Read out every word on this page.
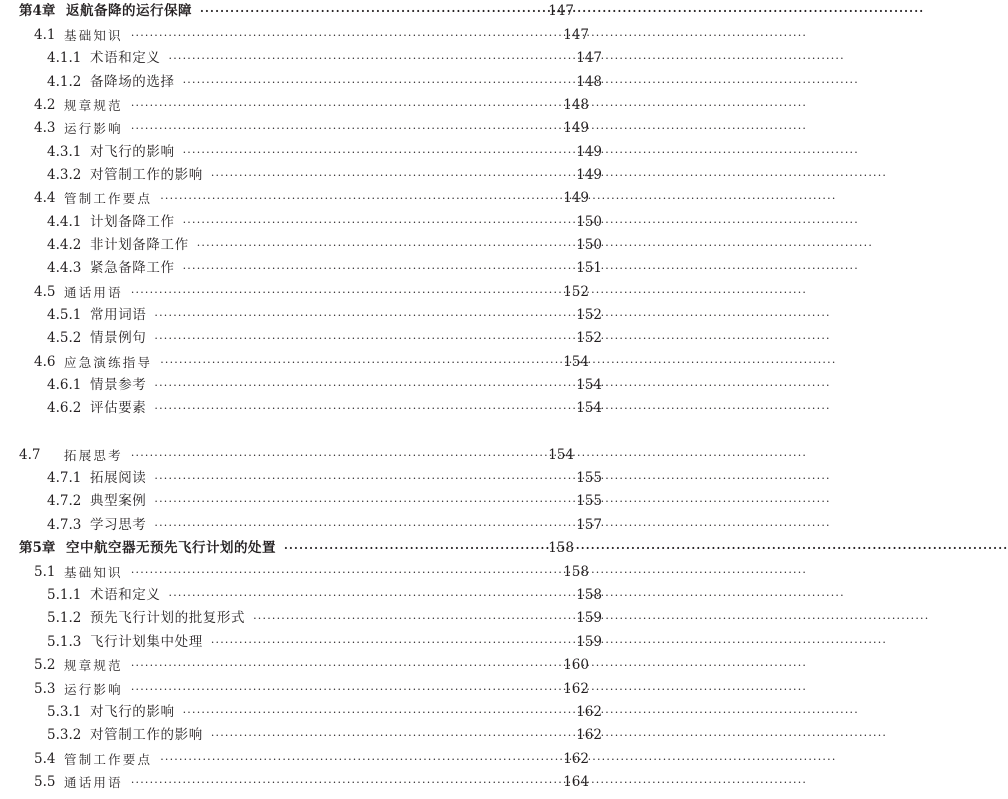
第4章 返航备降的运行保障 ·····	147
4.1 基础知识 ·····	147
4.1.1 术语和定义 ·····	147
4.1.2 备降场的选择 ·····	148
4.2 规章规范 ·····	148
4.3 运行影响 ·····	149
4.3.1 对飞行的影响 ·····	149
4.3.2 对管制工作的影响 ·····	149
4.4 管制工作要点 ·····	149
4.4.1 计划备降工作 ·····	150
4.4.2 非计划备降工作 ·····	150
4.4.3 紧急备降工作 ·····	151
4.5 通话用语 ·····	152
4.5.1 常用词语 ·····	152
4.5.2 情景例句 ·····	152
4.6 应急演练指导 ·····	154
4.6.1 情景参考 ·····	154
4.6.2 评估要素 ·····	154
4.7	拓展思考 ·····	154
4.7.1 拓展阅读 ·····	155
4.7.2 典型案例 ·····	155
4.7.3 学习思考 ·····	157
第5章 空中航空器无预先飞行计划的处置 ·····	158
5.1 基础知识 ·····	158
5.1.1 术语和定义 ·····	158
5.1.2 预先飞行计划的批复形式 ·····	159
5.1.3 飞行计划集中处理 ·····	159
5.2 规章规范 ·····	160
5.3 运行影响 ·····	162
5.3.1 对飞行的影响 ·····	162
5.3.2 对管制工作的影响 ·····	162
5.4 管制工作要点 ·····	162
5.5 通话用语 ·····	164
